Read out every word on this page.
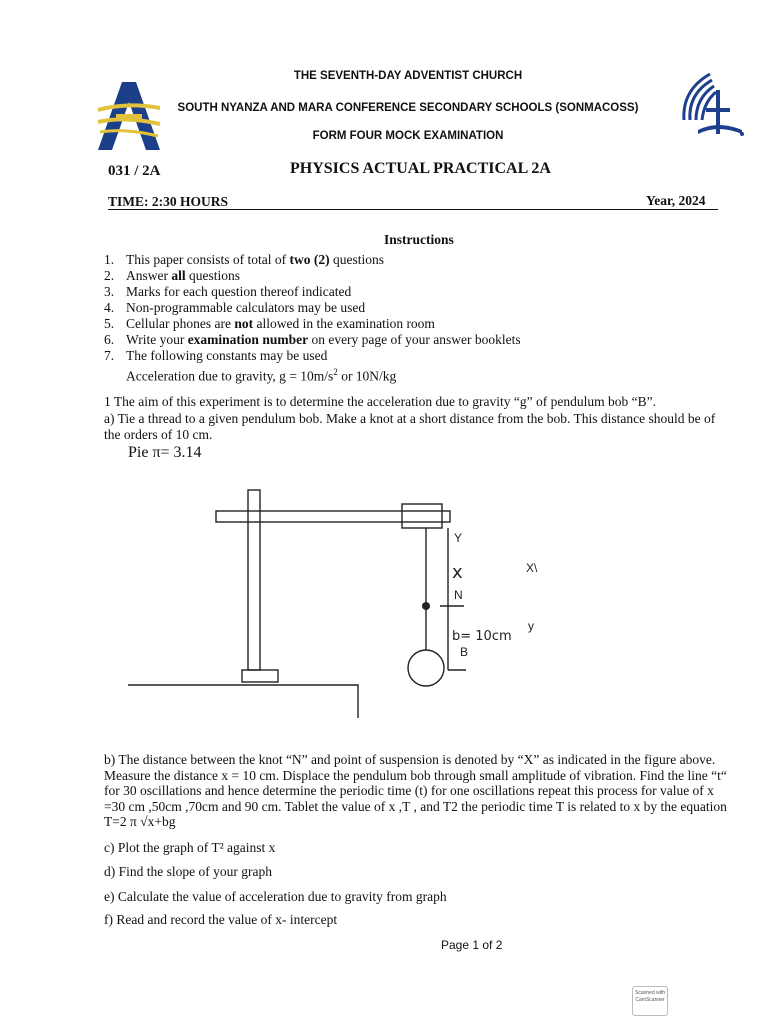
THE SEVENTH-DAY ADVENTIST CHURCH
SOUTH NYANZA AND MARA CONFERENCE SECONDARY SCHOOLS (SONMACOSS)
FORM FOUR MOCK EXAMINATION
031 / 2A	PHYSICS ACTUAL PRACTICAL 2A
TIME: 2:30 HOURS	Year, 2024
Instructions
1. This paper consists of total of two (2) questions
2. Answer all questions
3. Marks for each question thereof indicated
4. Non-programmable calculators may be used
5. Cellular phones are not allowed in the examination room
6. Write your examination number on every page of your answer booklets
7. The following constants may be used
Acceleration due to gravity, $g = 10m/s^2$ or 10N/kg
1 The aim of this experiment is to determine the acceleration due to gravity “g” of pendulum bob “B”.
a) Tie a thread to a given pendulum bob. Make a knot at a short distance from the bob. This distance should be of the orders of 10 cm.
Pie π= 3.14
Y
x
N
b= 10cm
B
X\
y
b) The distance between the knot “N” and point of suspension is denoted by “X” as indicated in the figure above. Measure the distance x = 10 cm. Displace the pendulum bob through small amplitude of vibration. Find the line “t“ for 30 oscillations and hence determine the periodic time (t) for one oscillations repeat this process for value of x =30 cm ,50cm ,70cm and 90 cm. Tablet the value of x ,T , and T2 the periodic time T is related to x by the equation T=2 π √x+bg
c) Plot the graph of T² against x
d) Find the slope of your graph
e) Calculate the value of acceleration due to gravity from graph
f) Read and record the value of x- intercept
Page 1 of 2
Scanned with CamScanner
